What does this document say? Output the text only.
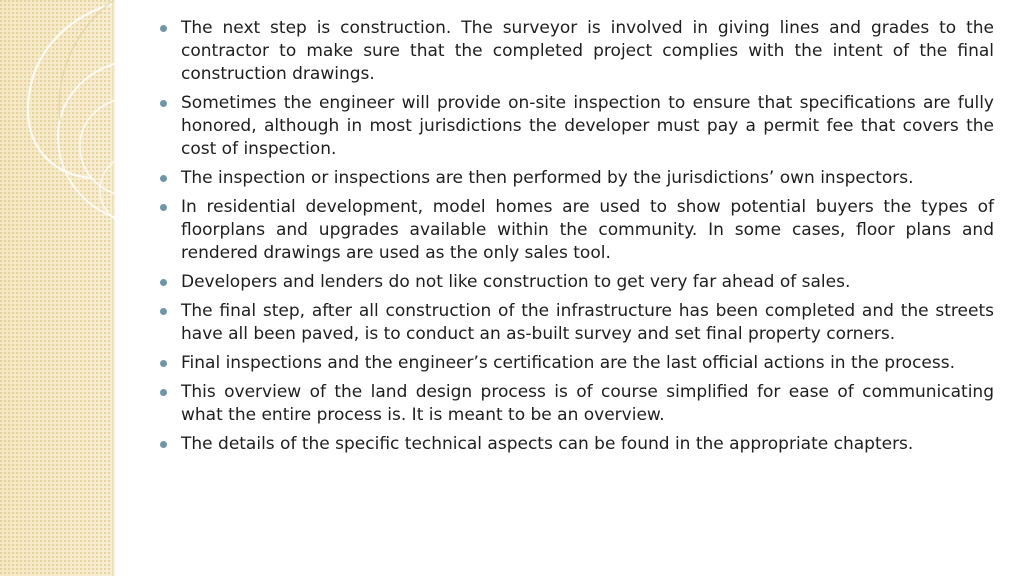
The next step is construction. The surveyor is involved in giving lines and grades to the contractor to make sure that the completed project complies with the intent of the final construction drawings.
Sometimes the engineer will provide on-site inspection to ensure that specifications are fully honored, although in most jurisdictions the developer must pay a permit fee that covers the cost of inspection.
The inspection or inspections are then performed by the jurisdictions’ own inspectors.
In residential development, model homes are used to show potential buyers the types of floorplans and upgrades available within the community. In some cases, floor plans and rendered drawings are used as the only sales tool.
Developers and lenders do not like construction to get very far ahead of sales.
The final step, after all construction of the infrastructure has been completed and the streets have all been paved, is to conduct an as-built survey and set final property corners.
Final inspections and the engineer’s certification are the last official actions in the process.
This overview of the land design process is of course simplified for ease of communicating what the entire process is. It is meant to be an overview.
The details of the specific technical aspects can be found in the appropriate chapters.
